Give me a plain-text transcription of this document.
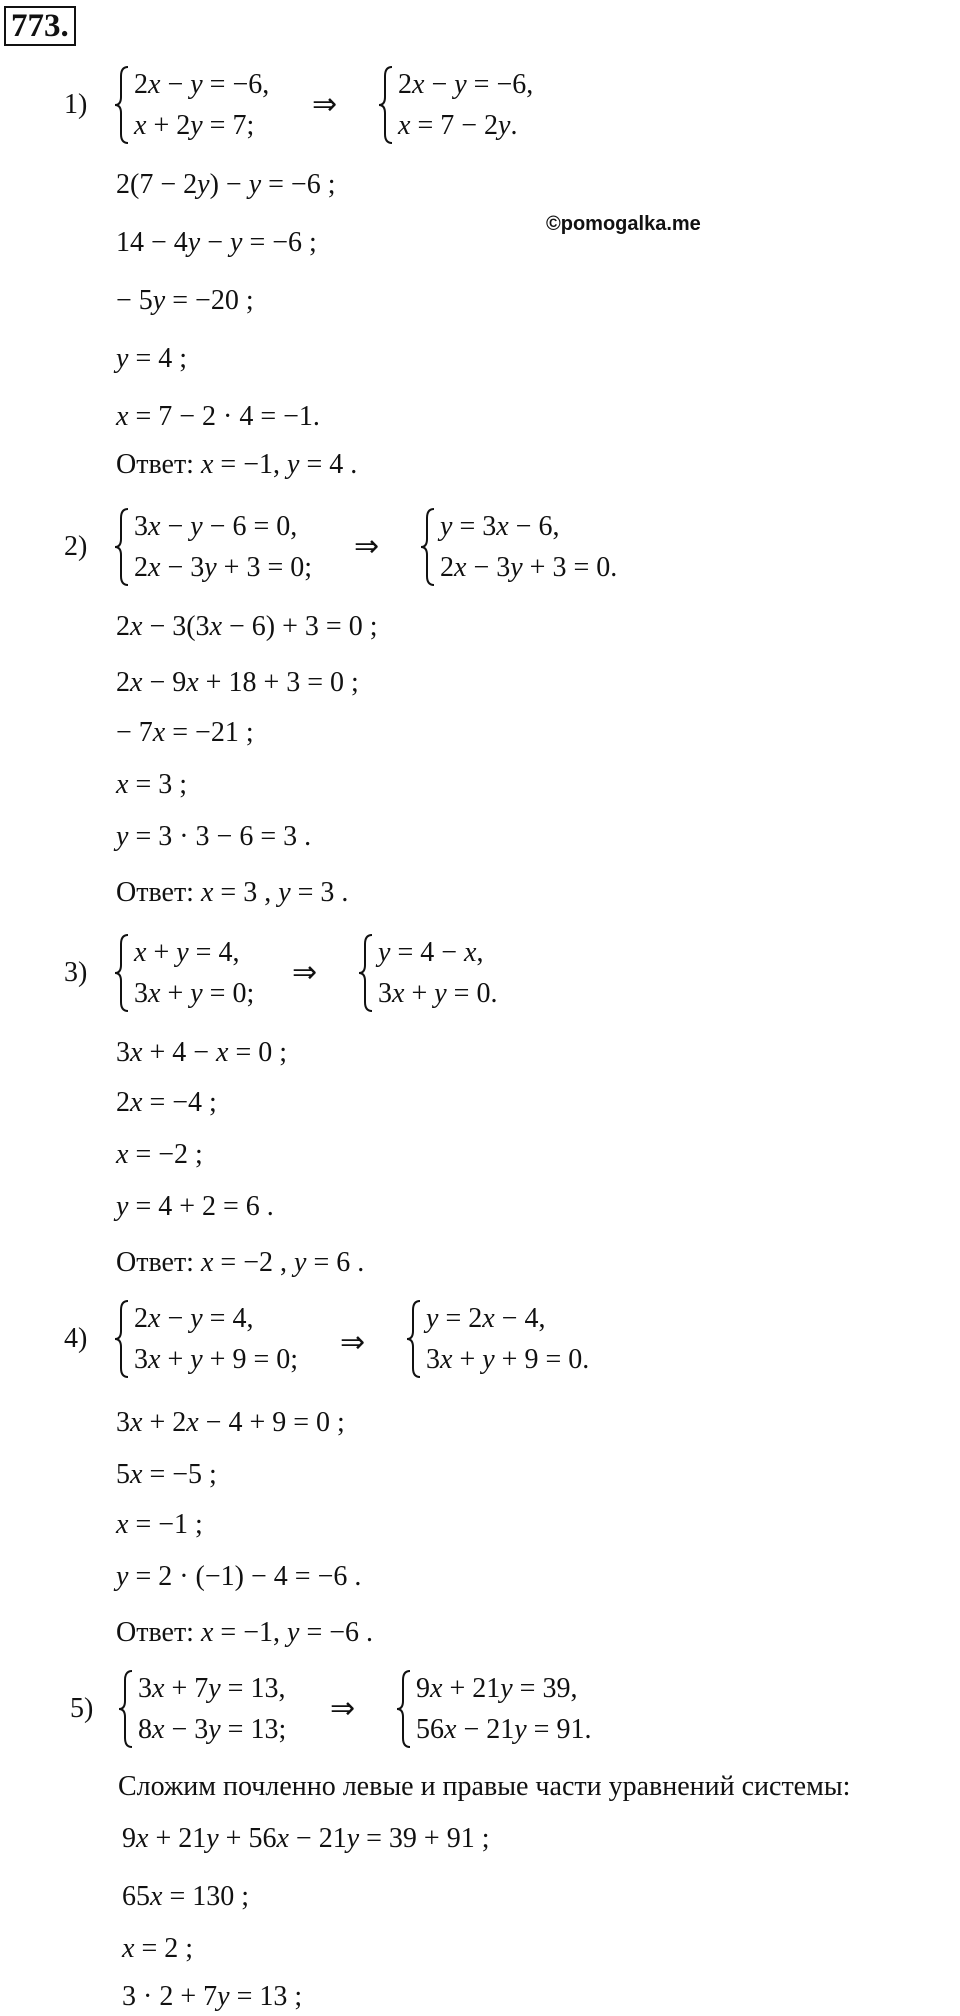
773.
©pomogalka.me
1)
2x − y = −6,
x + 2y = 7;
⇒
2x − y = −6,
x = 7 − 2y.
2(7 − 2y) − y = −6 ;
14 − 4y − y = −6 ;
− 5y = −20 ;
y = 4 ;
x = 7 − 2 · 4 = −1.
Ответ: x = −1, y = 4 .
2)
3x − y − 6 = 0,
2x − 3y + 3 = 0;
⇒
y = 3x − 6,
2x − 3y + 3 = 0.
2x − 3(3x − 6) + 3 = 0 ;
2x − 9x + 18 + 3 = 0 ;
− 7x = −21 ;
x = 3 ;
y = 3 · 3 − 6 = 3 .
Ответ: x = 3 , y = 3 .
3)
x + y = 4,
3x + y = 0;
⇒
y = 4 − x,
3x + y = 0.
3x + 4 − x = 0 ;
2x = −4 ;
x = −2 ;
y = 4 + 2 = 6 .
Ответ: x = −2 , y = 6 .
4)
2x − y = 4,
3x + y + 9 = 0; ⇒
y = 2x − 4,
3x + y + 9 = 0.
3x + 2x − 4 + 9 = 0 ;
5x = −5 ;
x = −1 ;
y = 2 · (−1) − 4 = −6 .
Ответ: x = −1, y = −6 .
5)
3x + 7y = 13,
8x − 3y = 13;
⇒
9x + 21y = 39,
56x − 21y = 91.
Сложим почленно левые и правые части уравнений системы:
9x + 21y + 56x − 21y = 39 + 91 ;
65x = 130 ;
x = 2 ;
3 · 2 + 7y = 13 ;
